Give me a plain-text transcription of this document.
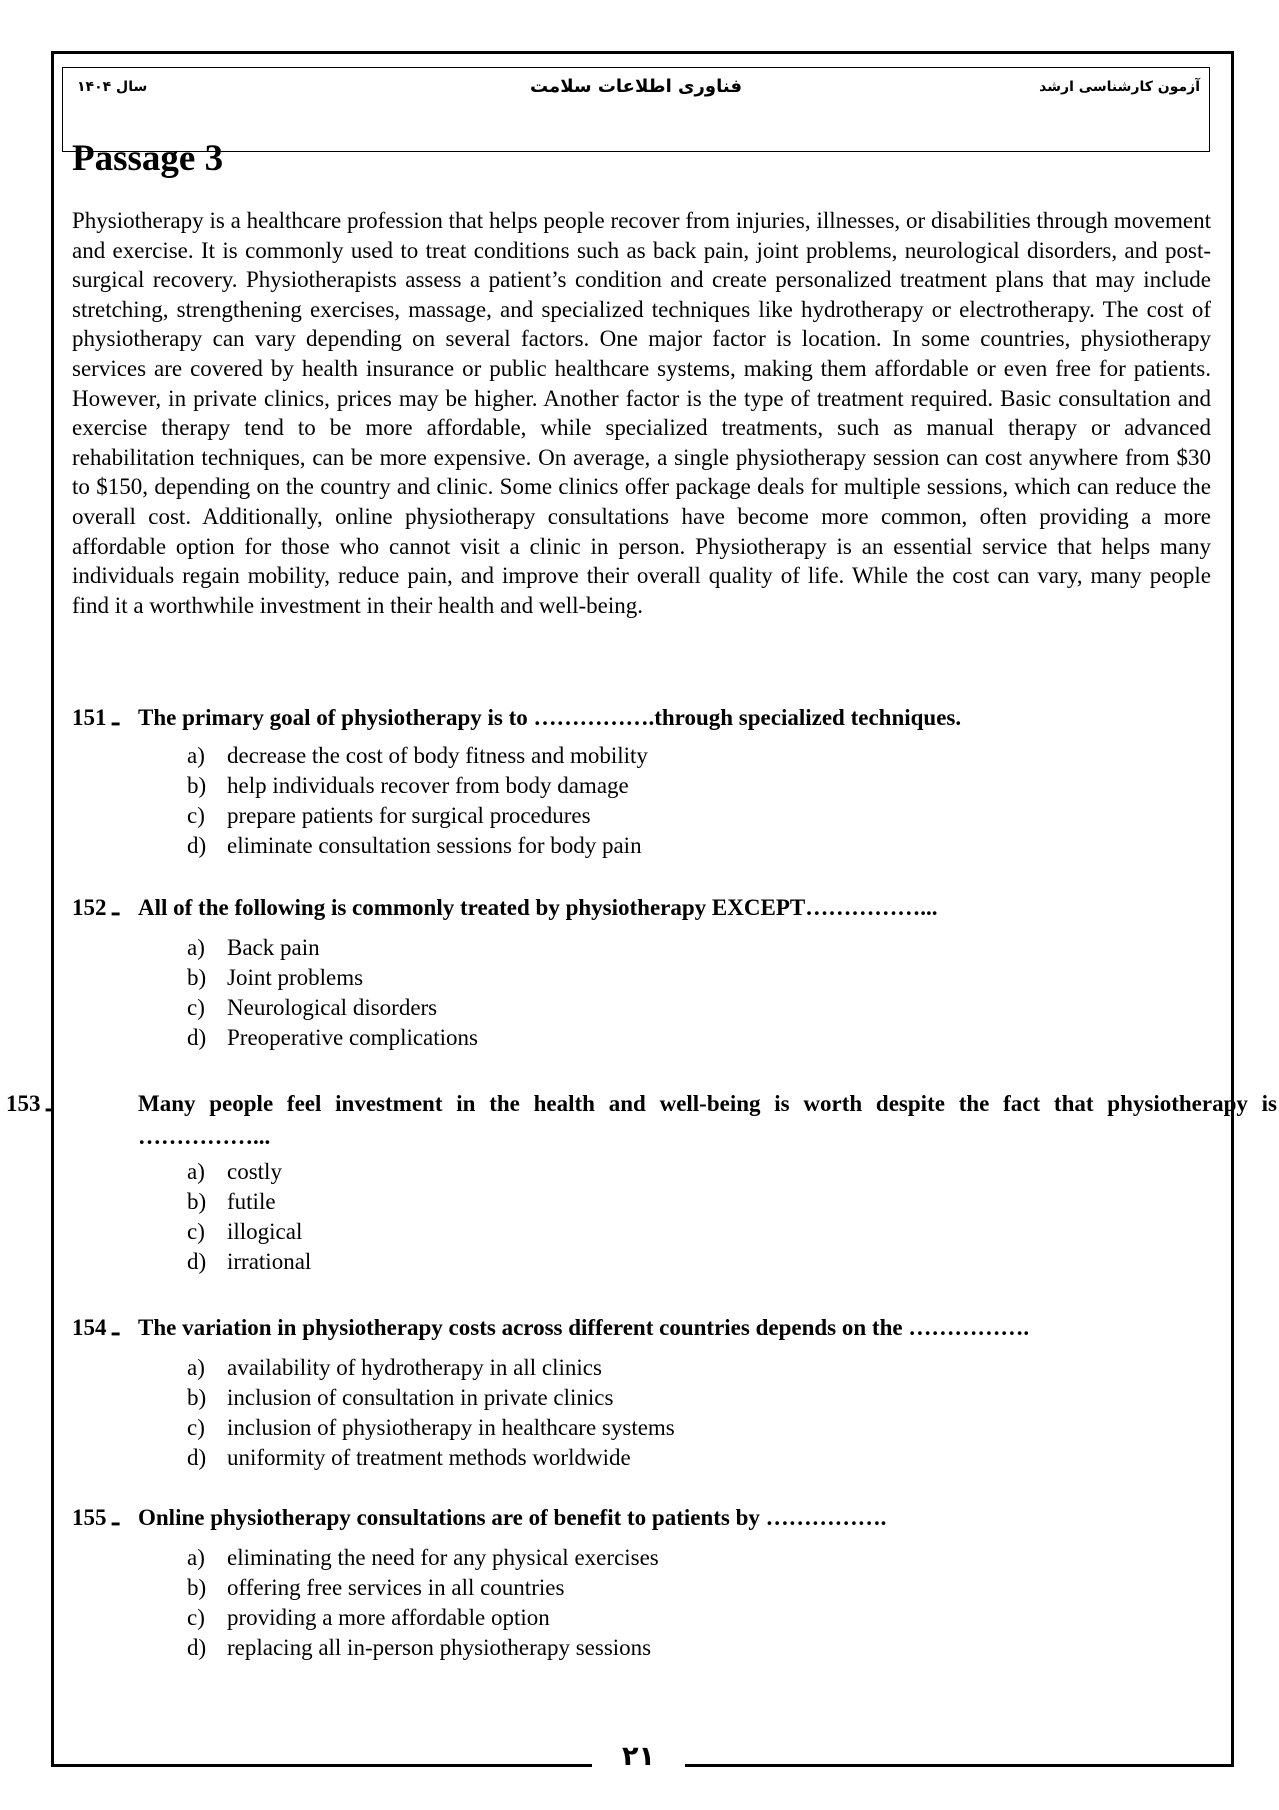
۲۱
آزمون کارشناسی ارشد
فناوری اطلاعات سلامت
سال ۱۴۰۴
Passage 3

Physiotherapy is a healthcare profession that helps people recover from injuries, illnesses, or disabilities through movement and exercise. It is commonly used to treat conditions such as back pain, joint problems, neurological disorders, and post-surgical recovery. Physiotherapists assess a patient’s condition and create personalized treatment plans that may include stretching, strengthening exercises, massage, and specialized techniques like hydrotherapy or electrotherapy. The cost of physiotherapy can vary depending on several factors. One major factor is location. In some countries, physiotherapy services are covered by health insurance or public healthcare systems, making them affordable or even free for patients. However, in private clinics, prices may be higher. Another factor is the type of treatment required. Basic consultation and exercise therapy tend to be more affordable, while specialized treatments, such as manual therapy or advanced rehabilitation techniques, can be more expensive. On average, a single physiotherapy session can cost anywhere from $30 to $150, depending on the country and clinic. Some clinics offer package deals for multiple sessions, which can reduce the overall cost. Additionally, online physiotherapy consultations have become more common, often providing a more affordable option for those who cannot visit a clinic in person. Physiotherapy is an essential service that helps many individuals regain mobility, reduce pain, and improve their overall quality of life. While the cost can vary, many people find it a worthwhile investment in their health and well-being.

151 ـ The primary goal of physiotherapy is to …………….through specialized techniques.
a) decrease the cost of body fitness and mobility
b) help individuals recover from body damage
c) prepare patients for surgical procedures
d) eliminate consultation sessions for body pain
152 ـ All of the following is commonly treated by physiotherapy EXCEPT……………...
a) Back pain
b) Joint problems
c) Neurological disorders
d) Preoperative complications
153 ـ	Many people feel investment in the health and well-being is worth despite the fact that physiotherapy is ……………...
a) costly
b) futile
c) illogical
d) irrational
154 ـ The variation in physiotherapy costs across different countries depends on the …………….
a) availability of hydrotherapy in all clinics
b) inclusion of consultation in private clinics
c) inclusion of physiotherapy in healthcare systems
d) uniformity of treatment methods worldwide
155 ـ Online physiotherapy consultations are of benefit to patients by …………….
a) eliminating the need for any physical exercises
b) offering free services in all countries
c) providing a more affordable option
d) replacing all in-person physiotherapy sessions
